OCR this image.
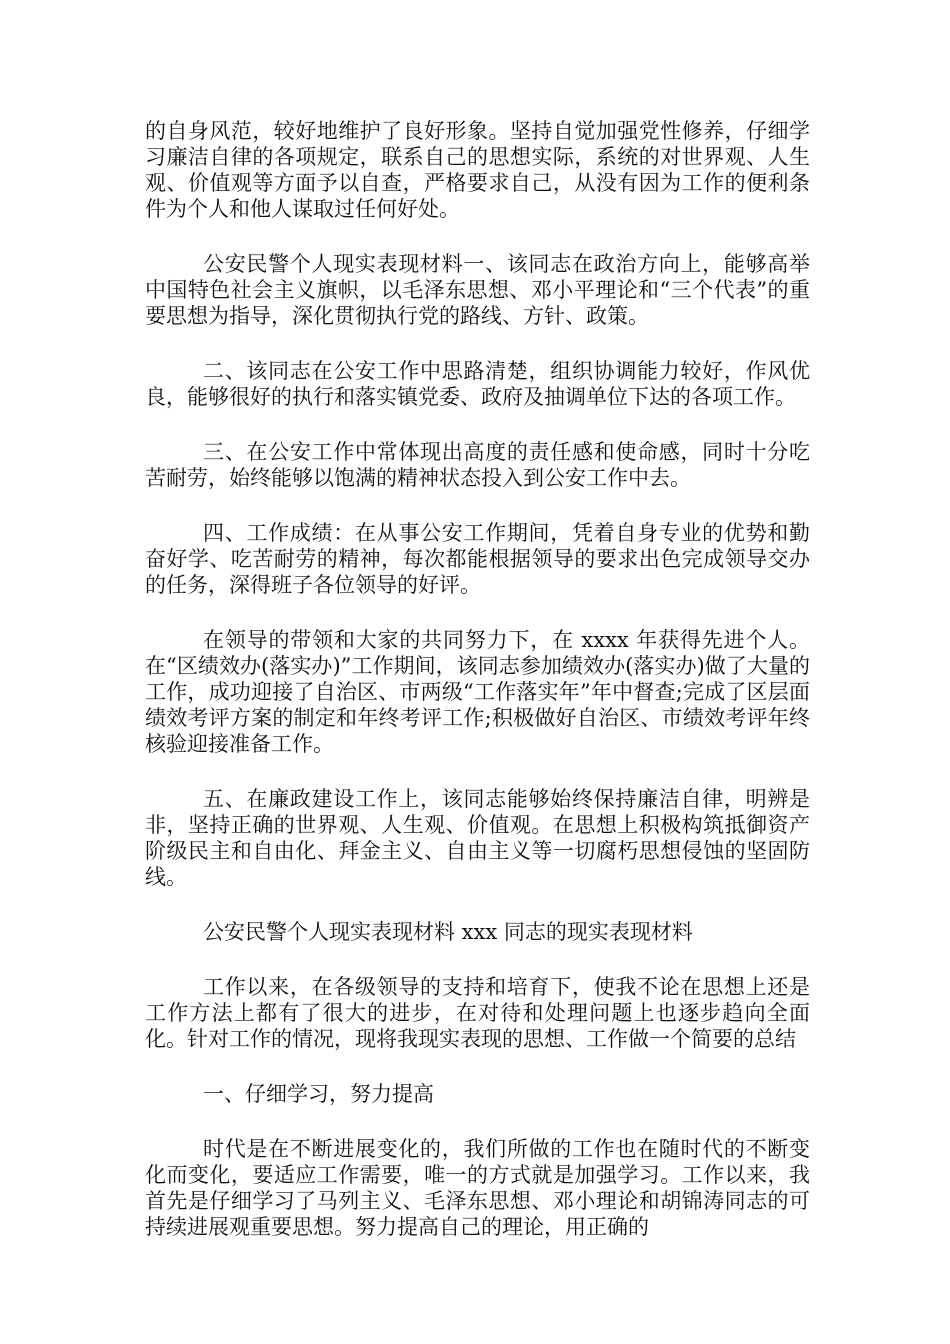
的自身风范，较好地维护了良好形象。坚持自觉加强党性修养，仔细学习廉洁自律的各项规定，联系自己的思想实际，系统的对世界观、人生观、价值观等方面予以自查，严格要求自己，从没有因为工作的便利条件为个人和他人谋取过任何好处。

公安民警个人现实表现材料一、该同志在政治方向上，能够高举中国特色社会主义旗帜，以毛泽东思想、邓小平理论和“三个代表”的重要思想为指导，深化贯彻执行党的路线、方针、政策。

二、该同志在公安工作中思路清楚，组织协调能力较好，作风优良，能够很好的执行和落实镇党委、政府及抽调单位下达的各项工作。

三、在公安工作中常体现出高度的责任感和使命感，同时十分吃苦耐劳，始终能够以饱满的精神状态投入到公安工作中去。

四、工作成绩：在从事公安工作期间，凭着自身专业的优势和勤奋好学、吃苦耐劳的精神，每次都能根据领导的要求出色完成领导交办的任务，深得班子各位领导的好评。

在领导的带领和大家的共同努力下，在 xxxx 年获得先进个人。在“区绩效办(落实办)”工作期间，该同志参加绩效办(落实办)做了大量的工作，成功迎接了自治区、市两级“工作落实年”年中督查;完成了区层面绩效考评方案的制定和年终考评工作;积极做好自治区、市绩效考评年终核验迎接准备工作。

五、在廉政建设工作上，该同志能够始终保持廉洁自律，明辨是非，坚持正确的世界观、人生观、价值观。在思想上积极构筑抵御资产阶级民主和自由化、拜金主义、自由主义等一切腐朽思想侵蚀的坚固防线。

公安民警个人现实表现材料 xxx 同志的现实表现材料

工作以来，在各级领导的支持和培育下，使我不论在思想上还是工作方法上都有了很大的进步，在对待和处理问题上也逐步趋向全面化。针对工作的情况，现将我现实表现的思想、工作做一个简要的总结

一、仔细学习，努力提高

时代是在不断进展变化的，我们所做的工作也在随时代的不断变化而变化，要适应工作需要，唯一的方式就是加强学习。工作以来，我首先是仔细学习了马列主义、毛泽东思想、邓小理论和胡锦涛同志的可持续进展观重要思想。努力提高自己的理论，用正确的
